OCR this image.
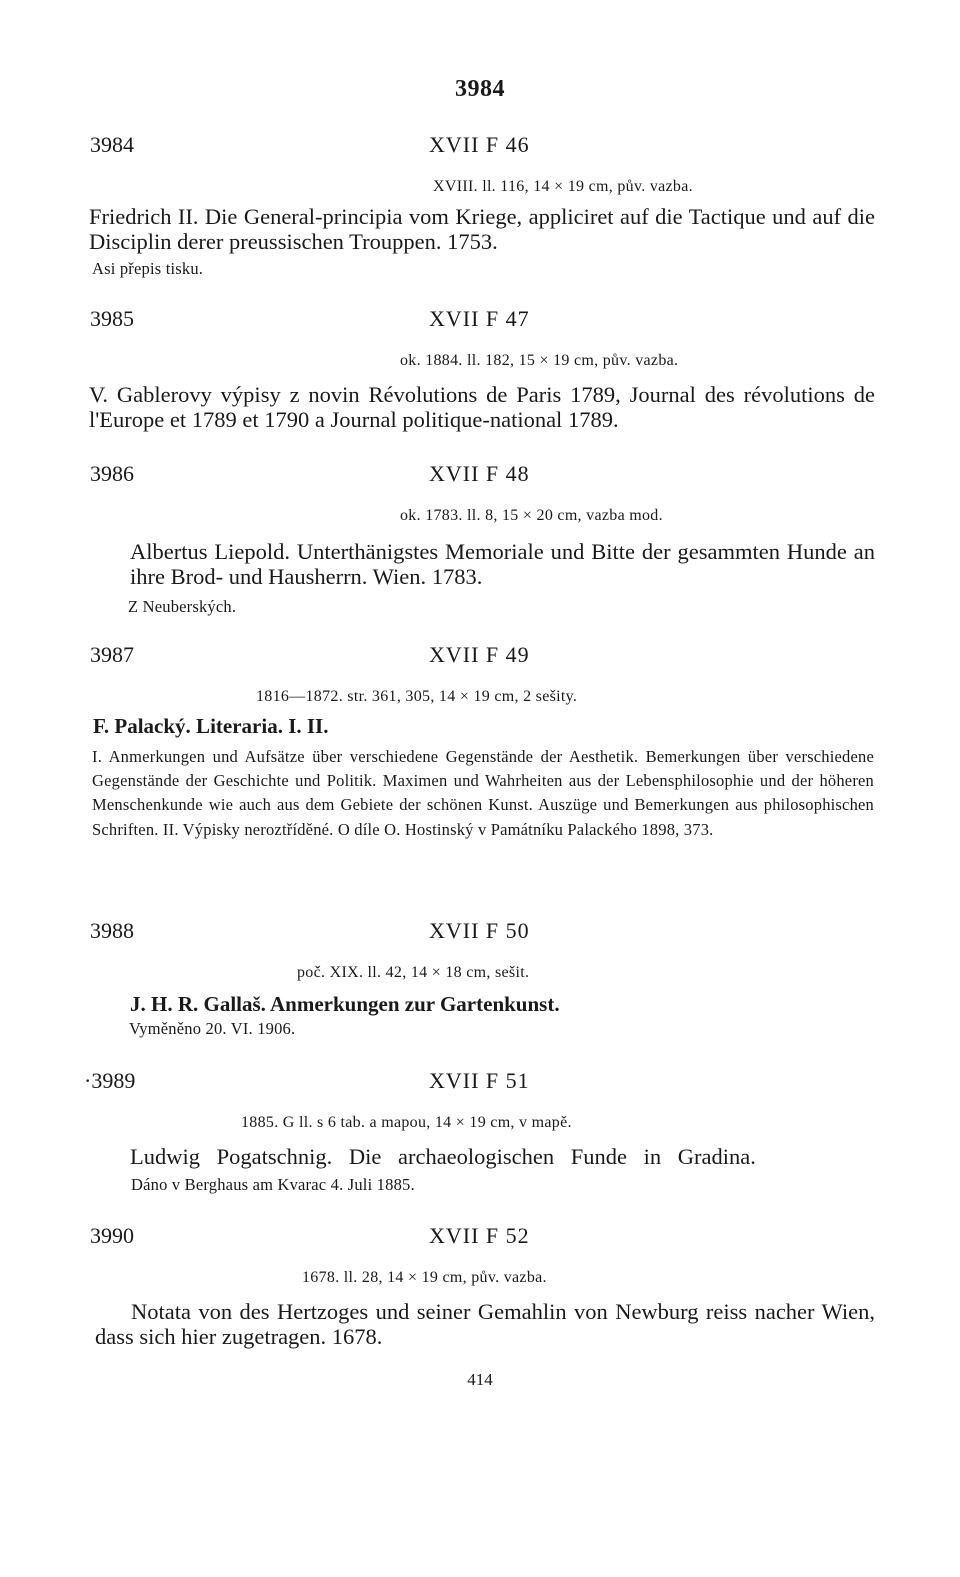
3984
3984	XVII F 46
XVIII. ll. 116, 14 × 19 cm, pův. vazba.
Friedrich II. Die General-principia vom Kriege, appliciret auf die Tactique und auf die Disciplin derer preussischen Trouppen. 1753.
Asi přepis tisku.
3985	XVII F 47
ok. 1884. ll. 182, 15 × 19 cm, pův. vazba.
V. Gablerovy výpisy z novin Révolutions de Paris 1789, Journal des révolutions de l'Europe et 1789 et 1790 a Journal politique-national 1789.
3986	XVII F 48
ok. 1783. ll. 8, 15 × 20 cm, vazba mod.
Albertus Liepold. Unterthänigstes Memoriale und Bitte der gesammten Hunde an ihre Brod- und Hausherrn. Wien. 1783.
Z Neuberských.
3987	XVII F 49
1816—1872. str. 361, 305, 14 × 19 cm, 2 sešity.
F. Palacký. Literaria. I. II.
I. Anmerkungen und Aufsätze über verschiedene Gegenstände der Aesthetik. Bemerkungen über verschiedene Gegenstände der Geschichte und Politik. Maximen und Wahrheiten aus der Lebensphilosophie und der höheren Menschenkunde wie auch aus dem Gebiete der schönen Kunst. Auszüge und Bemerkungen aus philosophischen Schriften. II. Výpisky neroztříděné. O díle O. Hostinský v Památníku Palackého 1898, 373.
3988	XVII F 50
poč. XIX. ll. 42, 14 × 18 cm, sešit.
J. H. R. Gallaš. Anmerkungen zur Gartenkunst.
Vyměněno 20. VI. 1906.
·3989	XVII F 51
1885. G ll. s 6 tab. a mapou, 14 × 19 cm, v mapě.
Ludwig Pogatschnig. Die archaeologischen Funde in Gradina.
Dáno v Berghaus am Kvarac 4. Juli 1885.
3990	XVII F 52
1678. ll. 28, 14 × 19 cm, pův. vazba.
Notata von des Hertzoges und seiner Gemahlin von Newburg reiss nacher Wien, dass sich hier zugetragen. 1678.
414
